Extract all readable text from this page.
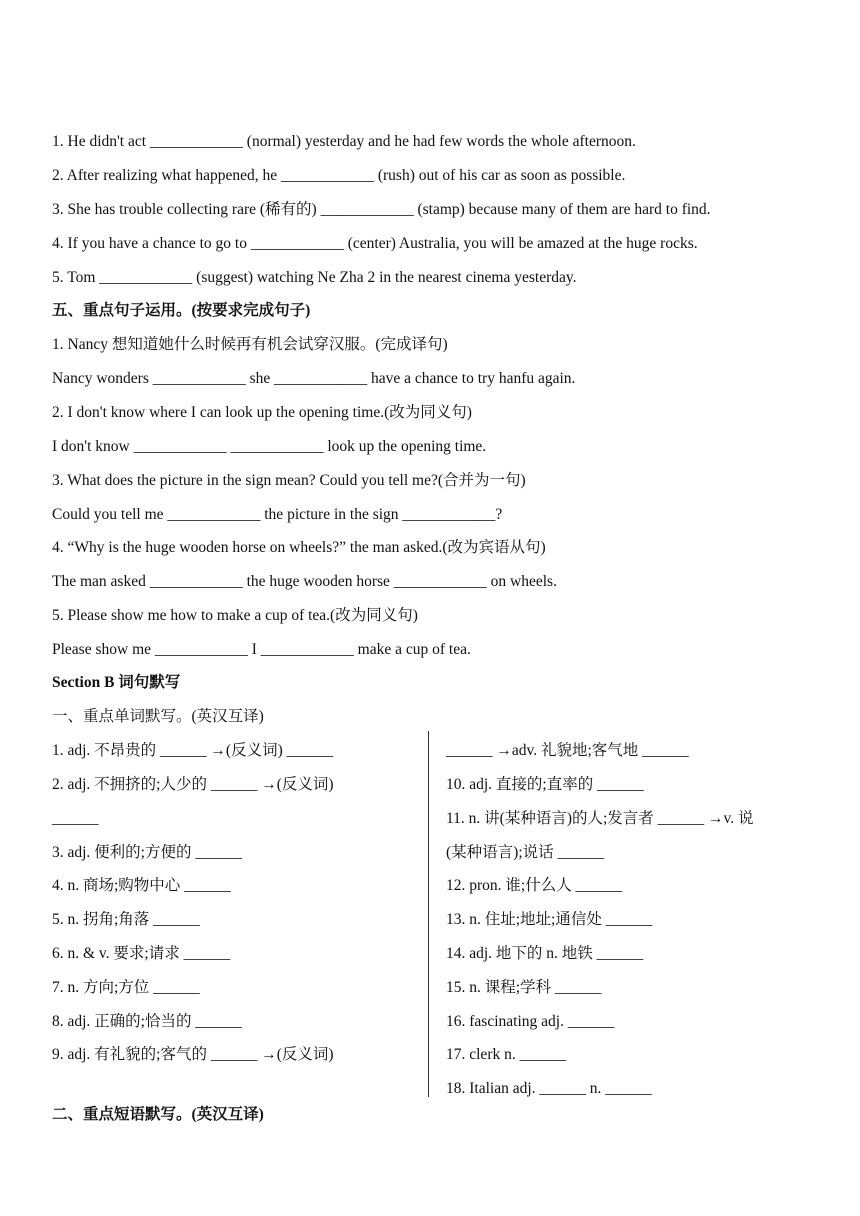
1. He didn't act ____________ (normal) yesterday and he had few words the whole afternoon.
2. After realizing what happened, he ____________ (rush) out of his car as soon as possible.
3. She has trouble collecting rare (稀有的) ____________ (stamp) because many of them are hard to find.
4. If you have a chance to go to ____________ (center) Australia, you will be amazed at the huge rocks.
5. Tom ____________ (suggest) watching Ne Zha 2 in the nearest cinema yesterday.
五、重点句子运用。(按要求完成句子)
1. Nancy 想知道她什么时候再有机会试穿汉服。(完成译句)
Nancy wonders ____________ she ____________ have a chance to try hanfu again.
2. I don't know where I can look up the opening time.(改为同义句)
I don't know ____________ ____________ look up the opening time.
3. What does the picture in the sign mean? Could you tell me?(合并为一句)
Could you tell me ____________ the picture in the sign ____________?
4. “Why is the huge wooden horse on wheels?” the man asked.(改为宾语从句)
The man asked ____________ the huge wooden horse ____________ on wheels.
5. Please show me how to make a cup of tea.(改为同义句)
Please show me ____________ I ____________ make a cup of tea.
Section B 词句默写
一、重点单词默写。(英汉互译)
1. adj. 不昂贵的 ______ →(反义词) ______
2. adj. 不拥挤的;人少的 ______ →(反义词)
______
3. adj. 便利的;方便的 ______
4. n. 商场;购物中心 ______
5. n. 拐角;角落 ______
6. n. & v. 要求;请求 ______
7. n. 方向;方位 ______
8. adj. 正确的;恰当的 ______
9. adj. 有礼貌的;客气的 ______ →(反义词)
______ →adv. 礼貌地;客气地 ______
10. adj. 直接的;直率的 ______
11. n. 讲(某种语言)的人;发言者 ______ →v. 说
(某种语言);说话 ______
12. pron. 谁;什么人 ______
13. n. 住址;地址;通信处 ______
14. adj. 地下的 n. 地铁 ______
15. n. 课程;学科 ______
16. fascinating adj. ______
17. clerk n. ______
18. Italian adj. ______ n. ______
二、重点短语默写。(英汉互译)
